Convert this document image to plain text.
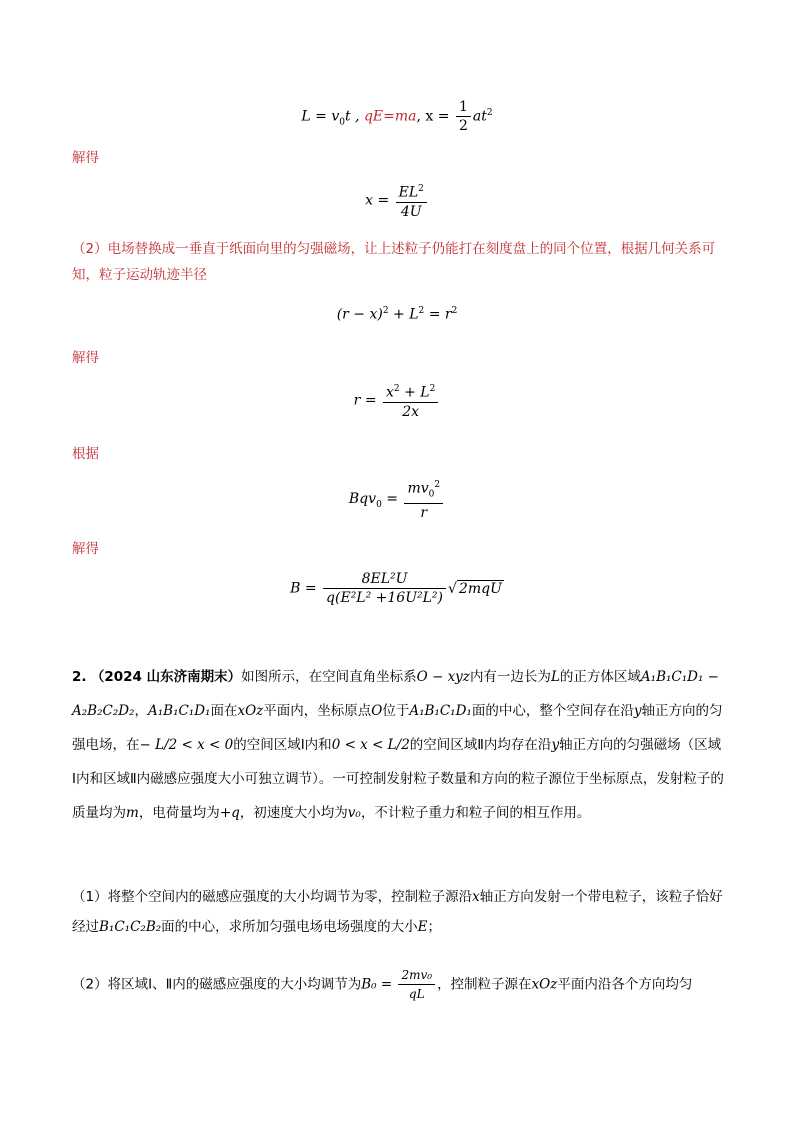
$L = v_0t$ , qE=ma, $x = \frac{1}{2} at^2$
解得
$x = \frac{EL^2}{4U}$
（2）电场替换成一垂直于纸面向里的匀强磁场，让上述粒子仍能打在刻度盘上的同个位置，根据几何关系可知，粒子运动轨迹半径
$(r - x)^2 + L^2 = r^2$
解得
$r = \frac{x^2 + L^2}{2x}$
根据
$Bqv_0 = \frac{mv_0^2}{r}$
解得
$B = \frac{\text{8EL²U}}{\text{q(E²L² +16U²L²)}}$ √ 2mqU
2. （2024 山东济南期末）如图所示，在空间直角坐标系O − xyz内有一边长为L的正方体区域A₁B₁C₁D₁ − A₂B₂C₂D₂，A₁B₁C₁D₁面在xOz平面内，坐标原点O位于A₁B₁C₁D₁面的中心，整个空间存在沿y轴正方向的匀强电场，在− L/2 < x < 0的空间区域Ⅰ内和0 < x < L/2的空间区域Ⅱ内均存在沿y轴正方向的匀强磁场（区域Ⅰ内和区域Ⅱ内磁感应强度大小可独立调节）。一可控制发射粒子数量和方向的粒子源位于坐标原点，发射粒子的质量均为m，电荷量均为+q，初速度大小均为v₀，不计粒子重力和粒子间的相互作用。
（1）将整个空间内的磁感应强度的大小均调节为零，控制粒子源沿x轴正方向发射一个带电粒子，该粒子恰好经过B₁C₁C₂B₂面的中心，求所加匀强电场电场强度的大小E；
（2）将区域Ⅰ、Ⅱ内的磁感应强度的大小均调节为$B_0 = \frac{\text{2mv₀}}{qL}$ ，控制粒子源在xOz平面内沿各个方向均匀
